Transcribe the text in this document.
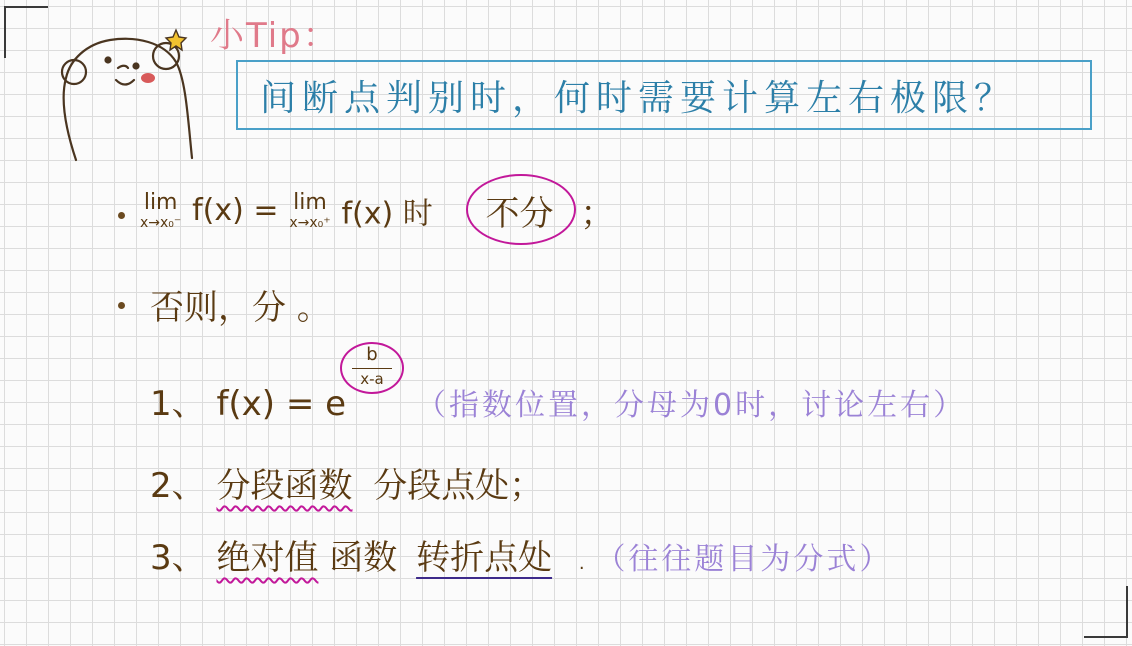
小Tip：
间断点判别时，何时需要计算左右极限？
lim
x→x₀⁻ f(x) = lim
x→x₀⁺ f(x) 时 不分 ；
否则，分 。
1、 f(x) = e
b
x-a
（指数位置，分母为0时，讨论左右）
2、 分段函数 分段点处；
3、 绝对值 函数 转折点处 . （往往题目为分式）
